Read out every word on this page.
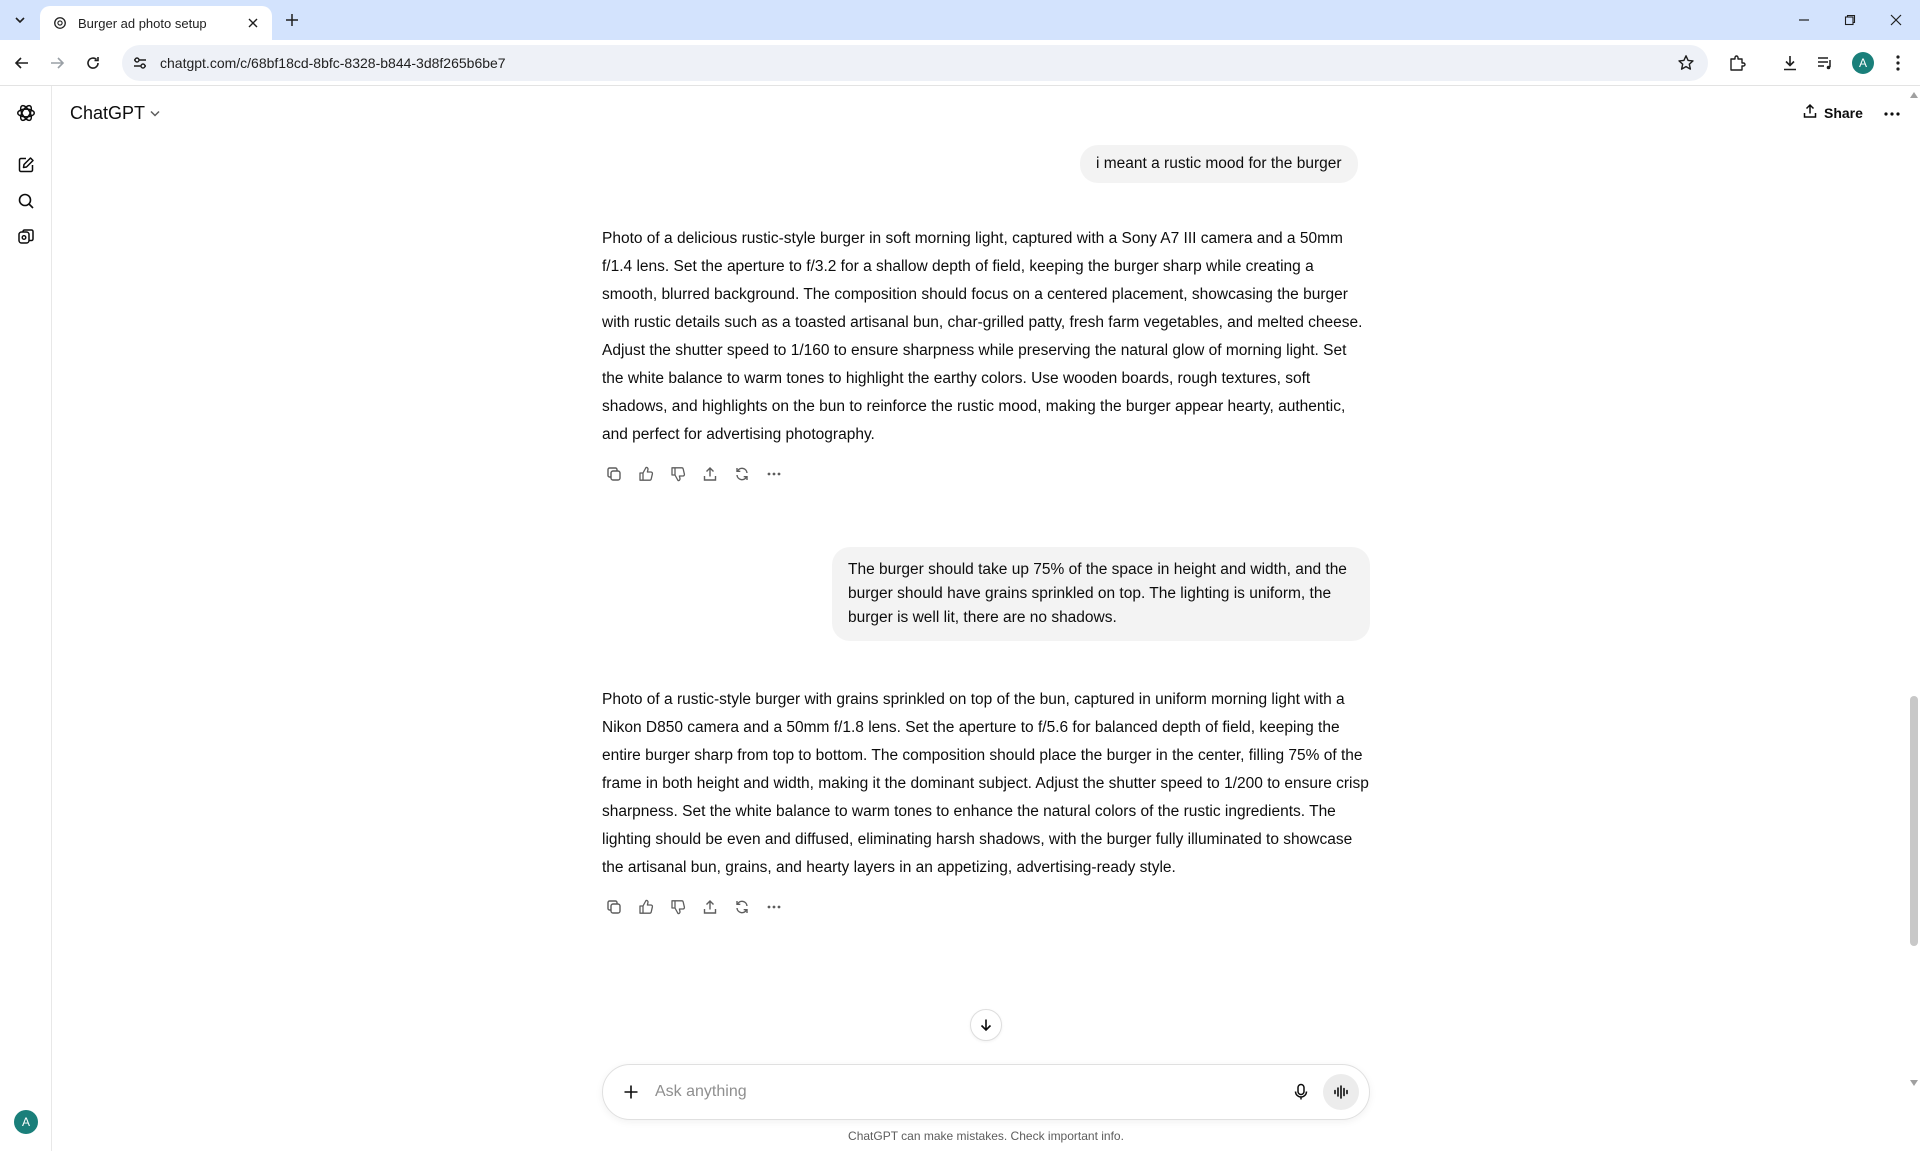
Burger ad photo setup
chatgpt.com/c/68bf18cd-8bfc-8328-b844-3d8f265b6be7	A
A
ChatGPT	Share
i meant a rustic mood for the burger
Photo of a delicious rustic-style burger in soft morning light, captured with a Sony A7 III camera and a 50mm f/1.4 lens. Set the aperture to f/3.2 for a shallow depth of field, keeping the burger sharp while creating a smooth, blurred background. The composition should focus on a centered placement, showcasing the burger with rustic details such as a toasted artisanal bun, char-grilled patty, fresh farm vegetables, and melted cheese. Adjust the shutter speed to 1/160 to ensure sharpness while preserving the natural glow of morning light. Set the white balance to warm tones to highlight the earthy colors. Use wooden boards, rough textures, soft shadows, and highlights on the bun to reinforce the rustic mood, making the burger appear hearty, authentic, and perfect for advertising photography.
The burger should take up 75% of the space in height and width, and the burger should have grains sprinkled on top. The lighting is uniform, the burger is well lit, there are no shadows.
Photo of a rustic-style burger with grains sprinkled on top of the bun, captured in uniform morning light with a Nikon D850 camera and a 50mm f/1.8 lens. Set the aperture to f/5.6 for balanced depth of field, keeping the entire burger sharp from top to bottom. The composition should place the burger in the center, filling 75% of the frame in both height and width, making it the dominant subject. Adjust the shutter speed to 1/200 to ensure crisp sharpness. Set the white balance to warm tones to enhance the natural colors of the rustic ingredients. The lighting should be even and diffused, eliminating harsh shadows, with the burger fully illuminated to showcase the artisanal bun, grains, and hearty layers in an appetizing, advertising-ready style.
Ask anything
ChatGPT can make mistakes. Check important info.
